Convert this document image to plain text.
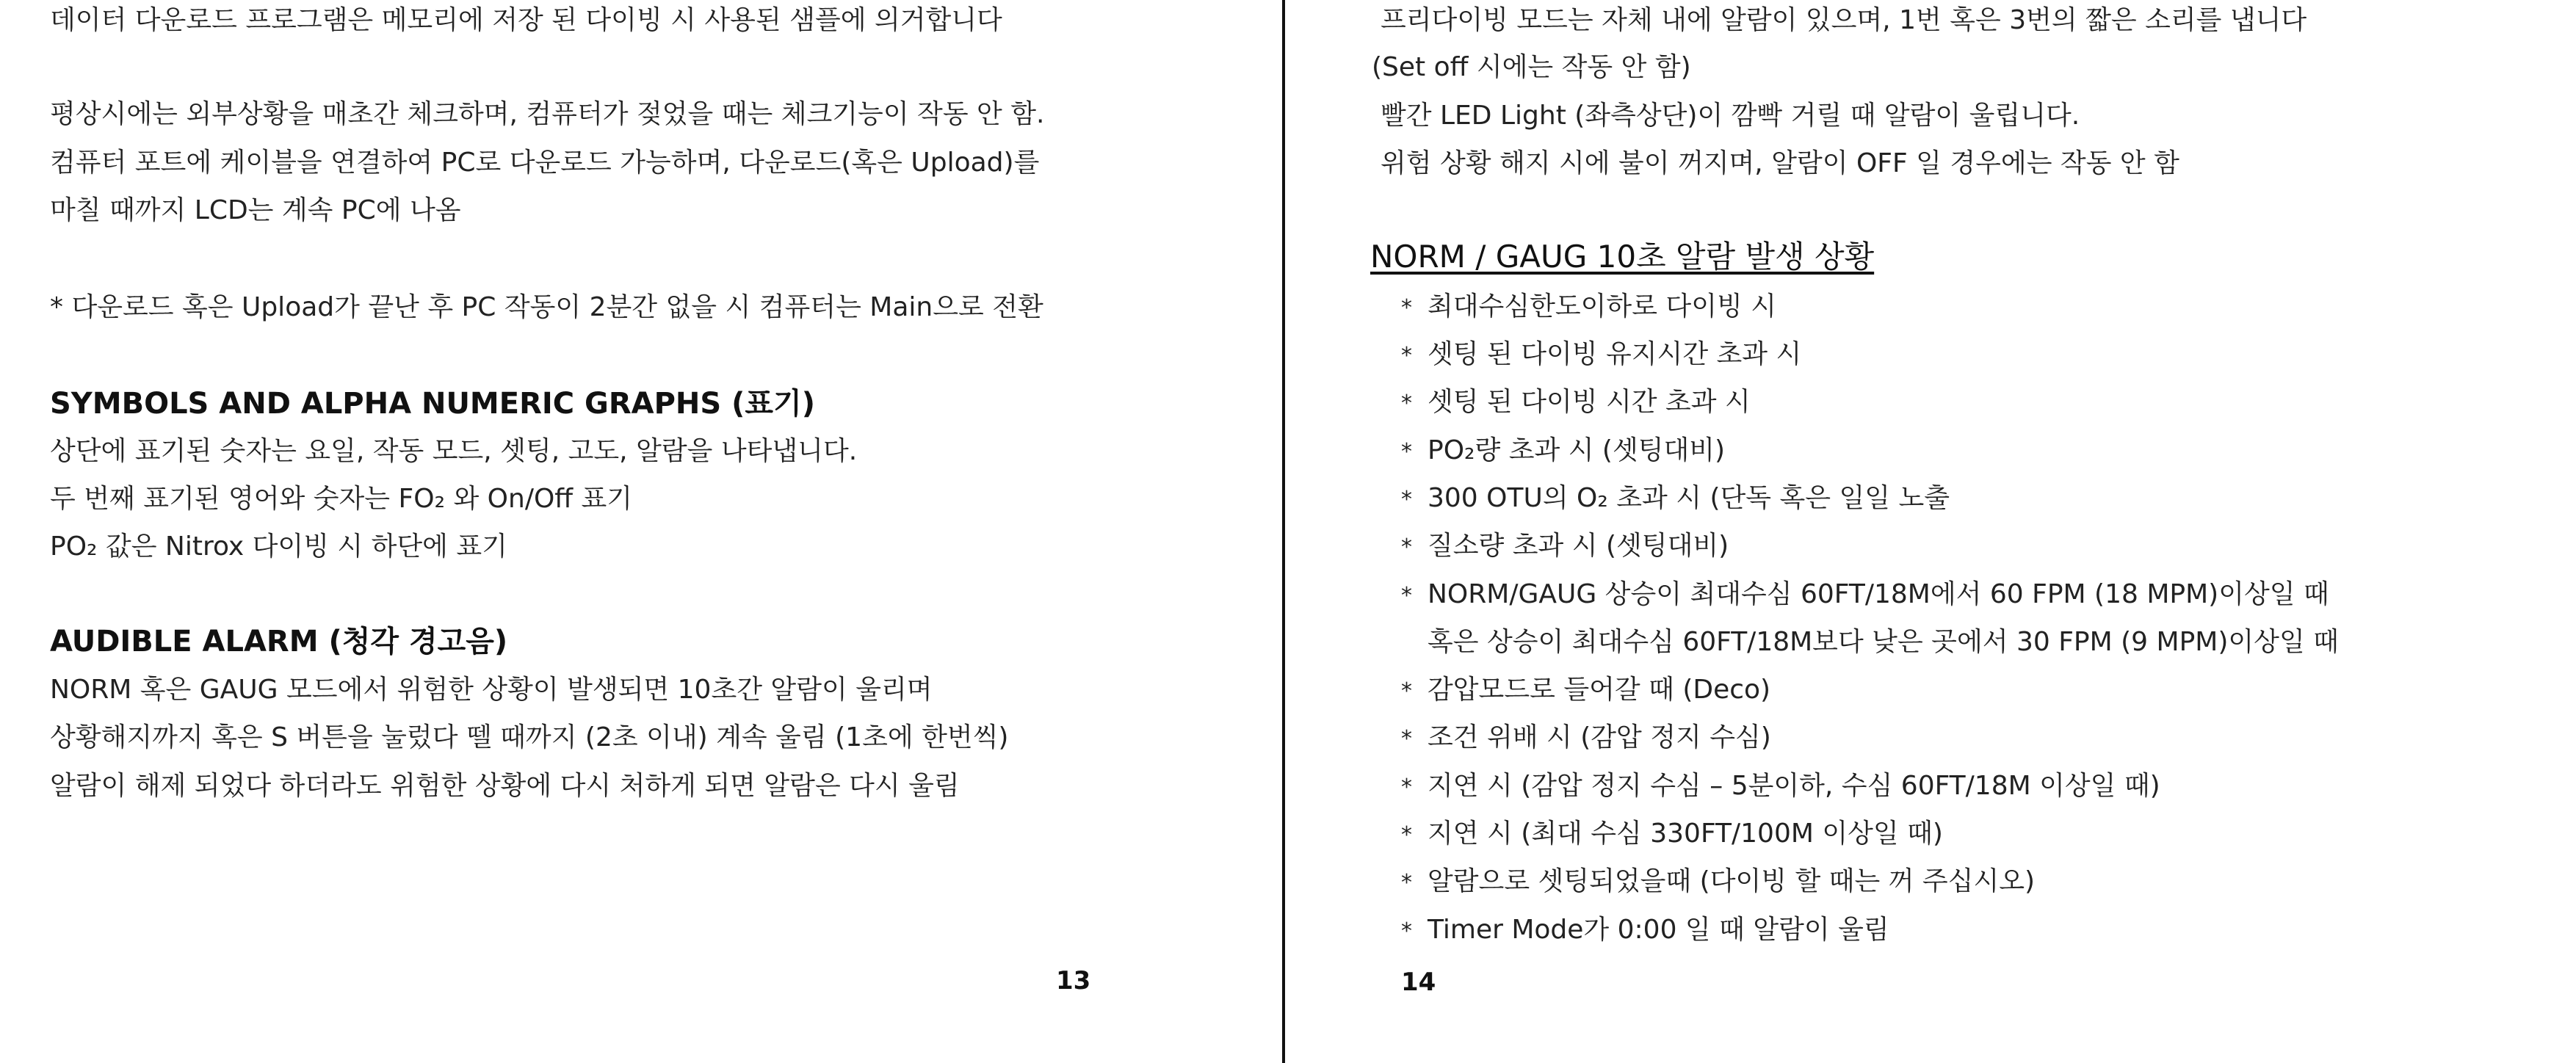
데이터 다운로드 프로그램은 메모리에 저장 된 다이빙 시 사용된 샘플에 의거합니다
평상시에는 외부상황을 매초간 체크하며, 컴퓨터가 젖었을 때는 체크기능이 작동 안 함.
컴퓨터 포트에 케이블을 연결하여 PC로 다운로드 가능하며, 다운로드(혹은 Upload)를
마칠 때까지 LCD는 계속 PC에 나옴
* 다운로드 혹은 Upload가 끝난 후 PC 작동이 2분간 없을 시 컴퓨터는 Main으로 전환
SYMBOLS AND ALPHA NUMERIC GRAPHS (표기)
상단에 표기된 숫자는 요일, 작동 모드, 셋팅, 고도, 알람을 나타냅니다.
두 번째 표기된 영어와 숫자는 FO₂ 와 On/Off 표기
PO₂ 값은 Nitrox 다이빙 시 하단에 표기
AUDIBLE ALARM (청각 경고음)
NORM 혹은 GAUG 모드에서 위험한 상황이 발생되면 10초간 알람이 울리며
상황해지까지 혹은 S 버튼을 눌렀다 뗄 때까지 (2초 이내) 계속 울림 (1초에 한번씩)
알람이 해제 되었다 하더라도 위험한 상황에 다시 처하게 되면 알람은 다시 울림
13
프리다이빙 모드는 자체 내에 알람이 있으며, 1번 혹은 3번의 짧은 소리를 냅니다
(Set off 시에는 작동 안 함)
빨간 LED Light (좌측상단)이 깜빡 거릴 때 알람이 울립니다.
위험 상황 해지 시에 불이 꺼지며, 알람이 OFF 일 경우에는 작동 안 함
NORM / GAUG 10초 알람 발생 상황
* 최대수심한도이하로 다이빙 시
* 셋팅 된 다이빙 유지시간 초과 시
* 셋팅 된 다이빙 시간 초과 시
* PO₂량 초과 시 (셋팅대비)
* 300 OTU의 O₂ 초과 시 (단독 혹은 일일 노출
* 질소량 초과 시 (셋팅대비)
* NORM/GAUG 상승이 최대수심 60FT/18M에서 60 FPM (18 MPM)이상일 때
혹은 상승이 최대수심 60FT/18M보다 낮은 곳에서 30 FPM (9 MPM)이상일 때
* 감압모드로 들어갈 때 (Deco)
* 조건 위배 시 (감압 정지 수심)
* 지연 시 (감압 정지 수심 – 5분이하, 수심 60FT/18M 이상일 때)
* 지연 시 (최대 수심 330FT/100M 이상일 때)
* 알람으로 셋팅되었을때 (다이빙 할 때는 꺼 주십시오)
* Timer Mode가 0:00 일 때 알람이 울림
14
